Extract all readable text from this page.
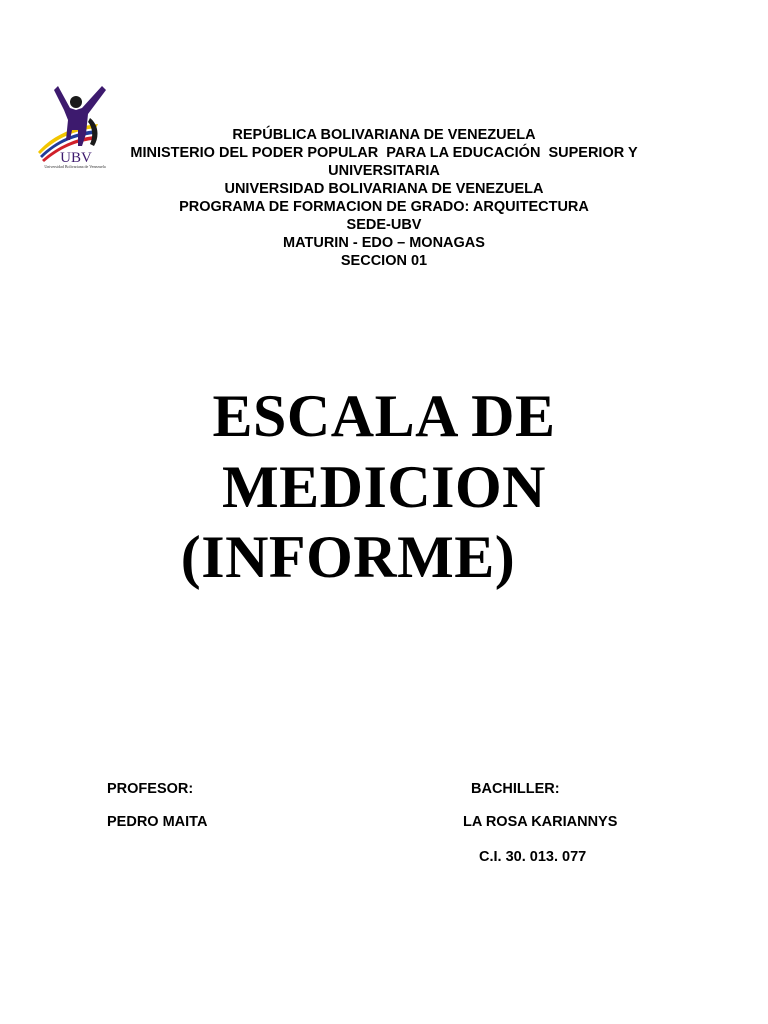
UBV
Universidad Bolivariana de Venezuela
REPÚBLICA BOLIVARIANA DE VENEZUELA
MINISTERIO DEL PODER POPULAR  PARA LA EDUCACIÓN  SUPERIOR Y
UNIVERSITARIA
UNIVERSIDAD BOLIVARIANA DE VENEZUELA
PROGRAMA DE FORMACION DE GRADO: ARQUITECTURA
SEDE-UBV
MATURIN - EDO – MONAGAS
SECCION 01
ESCALA DE
MEDICION
(INFORME)
PROFESOR:
PEDRO MAITA
BACHILLER:
LA ROSA KARIANNYS
C.I. 30. 013. 077
